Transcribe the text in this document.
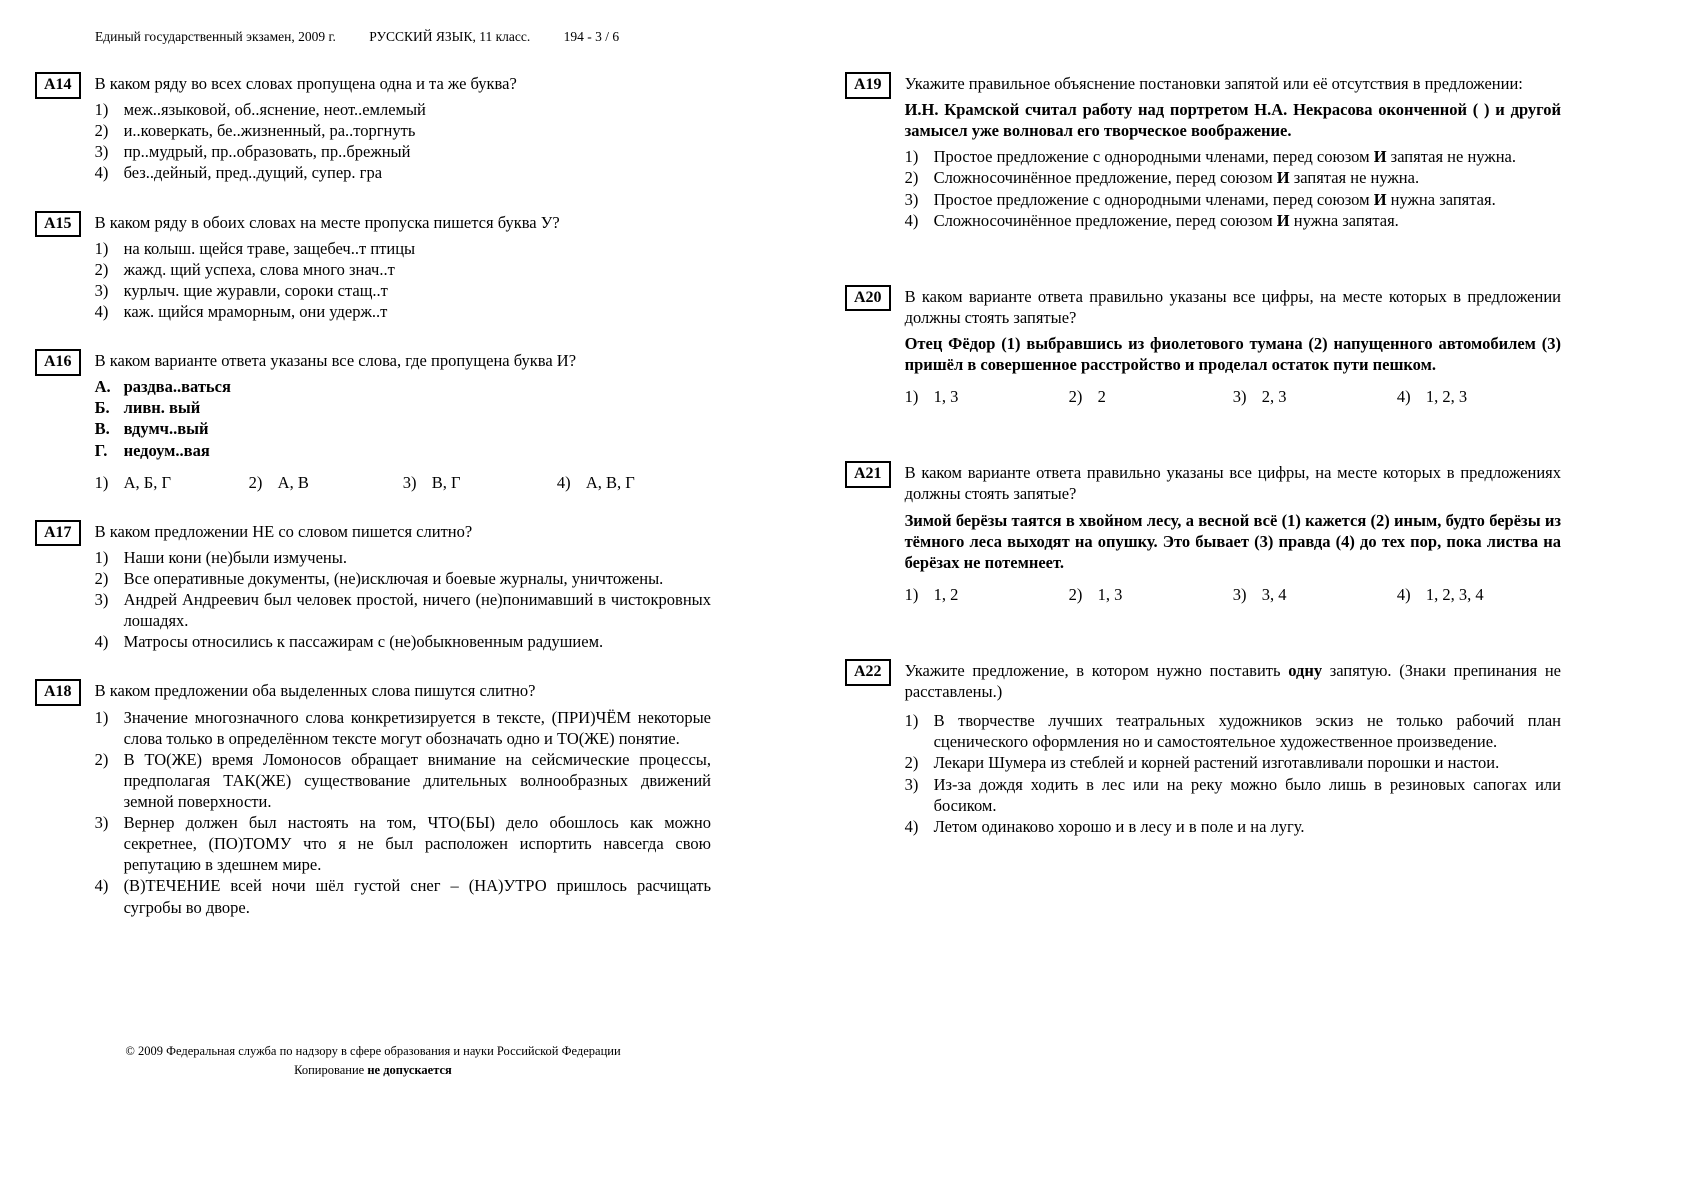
Единый государственный экзамен, 2009 г. РУССКИЙ ЯЗЫК, 11 класс. 194 - 3 / 6
A14	В каком ряду во всех словах пропущена одна и та же буква?

1) меж..языковой, об..яснение, неот..емлемый
2) и..коверкать, бе..жизненный, ра..торгнуть
3) пр..мудрый, пр..образовать, пр..брежный
4) без..дейный, пред..дущий, супер. гра
A15	В каком ряду в обоих словах на месте пропуска пишется буква У?

1) на колыш. щейся траве, защебеч..т птицы
2) жажд. щий успеха, слова много знач..т
3) курлыч. щие журавли, сороки стащ..т
4) каж. щийся мраморным, они удерж..т
A16	В каком варианте ответа указаны все слова, где пропущена буква И?

А. раздва..ваться
Б. ливн. вый
В. вдумч..вый
Г. недоум..вая
1) А, Б, Г	2) А, В	3) В, Г	4) А, В, Г
A17	В каком предложении НЕ со словом пишется слитно?

1) Наши кони (не)были измучены.
2) Все оперативные документы, (не)исключая и боевые журналы, уничтожены.
3) Андрей Андреевич был человек простой, ничего (не)понимавший в чистокровных лошадях.
4) Матросы относились к пассажирам с (не)обыкновенным радушием.
A18	В каком предложении оба выделенных слова пишутся слитно?

1) Значение многозначного слова конкретизируется в тексте, (ПРИ)ЧЁМ некоторые слова только в определённом тексте могут обозначать одно и ТО(ЖЕ) понятие.
2) В ТО(ЖЕ) время Ломоносов обращает внимание на сейсмические процессы, предполагая ТАК(ЖЕ) существование длительных волнообразных движений земной поверхности.
3) Вернер должен был настоять на том, ЧТО(БЫ) дело обошлось как можно секретнее, (ПО)ТОМУ что я не был расположен испортить навсегда свою репутацию в здешнем мире.
4) (В)ТЕЧЕНИЕ всей ночи шёл густой снег – (НА)УТРО пришлось расчищать сугробы во дворе.
A19	Укажите правильное объяснение постановки запятой или её отсутствия в предложении:

И.Н. Крамской считал работу над портретом Н.А. Некрасова оконченной ( ) и другой замысел уже волновал его творческое воображение.

1) Простое предложение с однородными членами, перед союзом И запятая не нужна.
2) Сложносочинённое предложение, перед союзом И запятая не нужна.
3) Простое предложение с однородными членами, перед союзом И нужна запятая.
4) Сложносочинённое предложение, перед союзом И нужна запятая.
A20	В каком варианте ответа правильно указаны все цифры, на месте которых в предложении должны стоять запятые?

Отец Фёдор (1) выбравшись из фиолетового тумана (2) напущенного автомобилем (3) пришёл в совершенное расстройство и проделал остаток пути пешком.

1) 1, 3	2) 2	3) 2, 3	4) 1, 2, 3
A21	В каком варианте ответа правильно указаны все цифры, на месте которых в предложениях должны стоять запятые?

Зимой берёзы таятся в хвойном лесу, а весной всё (1) кажется (2) иным, будто берёзы из тёмного леса выходят на опушку. Это бывает (3) правда (4) до тех пор, пока листва на берёзах не потемнеет.

1) 1, 2	2) 1, 3	3) 3, 4	4) 1, 2, 3, 4
A22	Укажите предложение, в котором нужно поставить одну запятую. (Знаки препинания не расставлены.)

1) В творчестве лучших театральных художников эскиз не только рабочий план сценического оформления но и самостоятельное художественное произведение.
2) Лекари Шумера из стеблей и корней растений изготавливали порошки и настои.
3) Из-за дождя ходить в лес или на реку можно было лишь в резиновых сапогах или босиком.
4) Летом одинаково хорошо и в лесу и в поле и на лугу.
© 2009 Федеральная служба по надзору в сфере образования и науки Российской Федерации
Копирование не допускается
